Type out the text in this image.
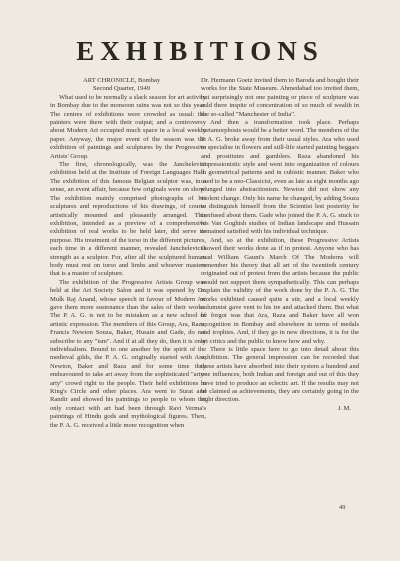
EXHIBITIONS

ART CHRONICLE, Bombay

Second Quarter, 1949

What used to be normally a slack season for art activity in Bombay due to the monsoon rains was not so this year. The centres of exhibitions were crowded as usual: the painters were there with their output; and a controversy about Modern Art occupied much space in a local weekly paper. Anyway, the major event of the season was the exhibition of paintings and sculptures by the Progressive Artists' Group.

The first, chronologically, was the Janchelevici exhibition held at the Institute of Foreign Languages Hall. The exhibition of this famous Belgian sculptor was, in a sense, an event affair, because few originals were on show. The exhibition mainly comprised photographs of his sculptures and reproductions of his drawings, of course artistically mounted and pleasantly arranged. This exhibition, intended as a preview of a comprehensive exhibition of real works to be held later, did serve its purpose. His treatment of the torso in the different pictures, each time in a different manner, revealed Janchelevici's strength as a sculptor. For, after all the sculptured human body must rest on torso and limbs and whoever masters that is a master of sculpture.

The exhibition of the Progressive Artists Group was held at the Art Society Salon and it was opened by Dr. Mulk Raj Anand, whose speech in favour of Modern Art gave them more sustenance than the sales of their works. The P. A. G. is not to be mistaken as a new school of artistic expression. The members of this Group, Ara, Raza, Francis Newton Souza, Baker, Husain and Gade, do not subscribe to any "ism". And if at all they do, then it is only individualism. Bound to one another by the spirit of the medieval gilds, the P. A. G. originally started with Ara, Newton, Baker and Raza and for some time they endeavoured to take art away from the sophisticated "arty-arty" crowd right to the people. Their held exhibitions in King's Circle and other places. Ara went to Surat and Randir and showed his paintings to people to whom the only contact with art had been through Ravi Verma's paintings of Hindu gods and mythological figures. Then, the P. A. G. received a little more recognition when

Dr. Hermann Goetz invited them to Baroda and bought their works for the State Museum. Ahmedabad too invited them, but surprisingly not one painting or piece of sculpture was sold there inspite of concentration of so much of wealth in the so-called "Manchester of India".

And then a transformation took place. Perhaps metamorphosis would be a better word. The members of the P. A. G. broke away from their usual styles. Ara who used to specialise in flowers and still-life started painting beggars and prostitutes and gamblers. Raza abandoned his impressionistic style and went into organization of colours in geometrical patterns and in cubistic manner. Baker who used to be a neo-Classicist, even as late as eight months ago plunged into abstractionism. Newton did not show any violent change. Only his name he changed, by adding Souza to distinguish himself from the Scientist lest posterity be confused about them. Gade who joined the P. A. G. stuck to his Van Goghish studies of Indian landscape and Hussain remained satisfied with his individual technique.

And, so at the exhibition, these Progressive Artists showed their works done as if in protest. Anyone who has read William Gaunt's March Of The Moderns will remember his theory that all art of the twentieth century originated out of protest from the artists because the public would not support them sympathetically. This can perhaps explain the validity of the work done by the P. A. G. The works exhibited caused quite a stir, and a local weekly columnist gave vent to his ire and attacked them. But what he forgot was that Ara, Raza and Baker have all won recognition in Bombay and elsewhere in terms of medals and trophies. And, if they go in new directions, it is for the art critics and the public to know how and why.

There is little space here to go into detail about this exhibition. The general impression can be recorded that these artists have absorbed into their system a hundred and one influences, both Indian and foreign and out of this they have tried to produce an eclectic art. If the results may not be claimed as achievements, they are certainly going in the right direction.

J. M.

49
